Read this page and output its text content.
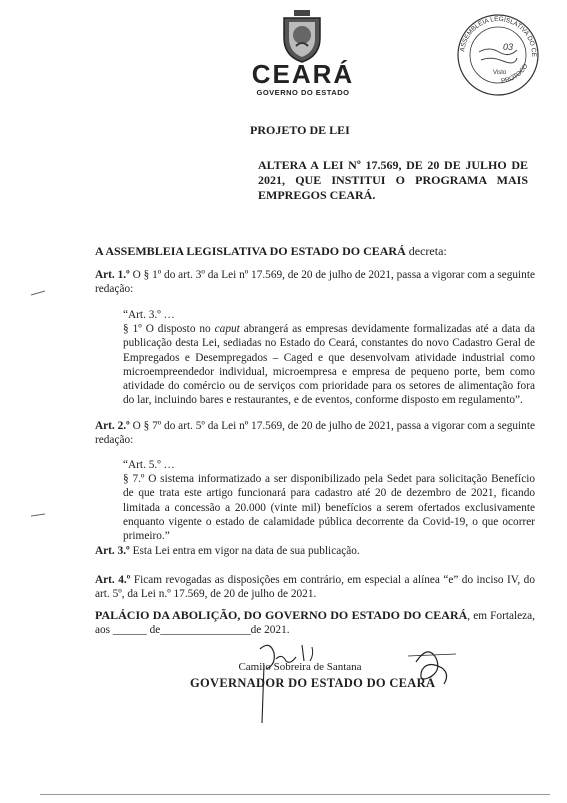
CEARÁ
GOVERNO DO ESTADO
ASSEMBLEIA LEGISLATIVA DO CE
PROTOCO
03
Visto
PROJETO DE LEI
ALTERA A LEI Nº 17.569, DE 20 DE JULHO DE 2021, QUE INSTITUI O PROGRAMA MAIS EMPREGOS CEARÁ.
A ASSEMBLEIA LEGISLATIVA DO ESTADO DO CEARÁ decreta:
Art. 1.º O § 1º do art. 3º da Lei nº 17.569, de 20 de julho de 2021, passa a vigorar com a seguinte redação:
“Art. 3.º …
§ 1º O disposto no caput abrangerá as empresas devidamente formalizadas até a data da publicação desta Lei, sediadas no Estado do Ceará, constantes do novo Cadastro Geral de Empregados e Desempregados – Caged e que desenvolvam atividade industrial como microempreendedor individual, microempresa e empresa de pequeno porte, bem como atividade do comércio ou de serviços com prioridade para os setores de alimentação fora do lar, incluindo bares e restaurantes, e de eventos, conforme disposto em regulamento”.
Art. 2.º O § 7º do art. 5º da Lei nº 17.569, de 20 de julho de 2021, passa a vigorar com a seguinte redação:
“Art. 5.º …
§ 7.º O sistema informatizado a ser disponibilizado pela Sedet para solicitação Benefício de que trata este artigo funcionará para cadastro até 20 de dezembro de 2021, ficando limitada a concessão a 20.000 (vinte mil) benefícios a serem ofertados exclusivamente enquanto vigente o estado de calamidade pública decorrente da Covid-19, o que ocorrer primeiro.”
Art. 3.º Esta Lei entra em vigor na data de sua publicação.
Art. 4.º Ficam revogadas as disposições em contrário, em especial a alínea “e” do inciso IV, do art. 5º, da Lei n.º 17.569, de 20 de julho de 2021.
PALÁCIO DA ABOLIÇÃO, DO GOVERNO DO ESTADO DO CEARÁ, em Fortaleza, aos ______ de________________de 2021.
Camilo Sobreira de Santana
GOVERNADOR DO ESTADO DO CEARÁ
